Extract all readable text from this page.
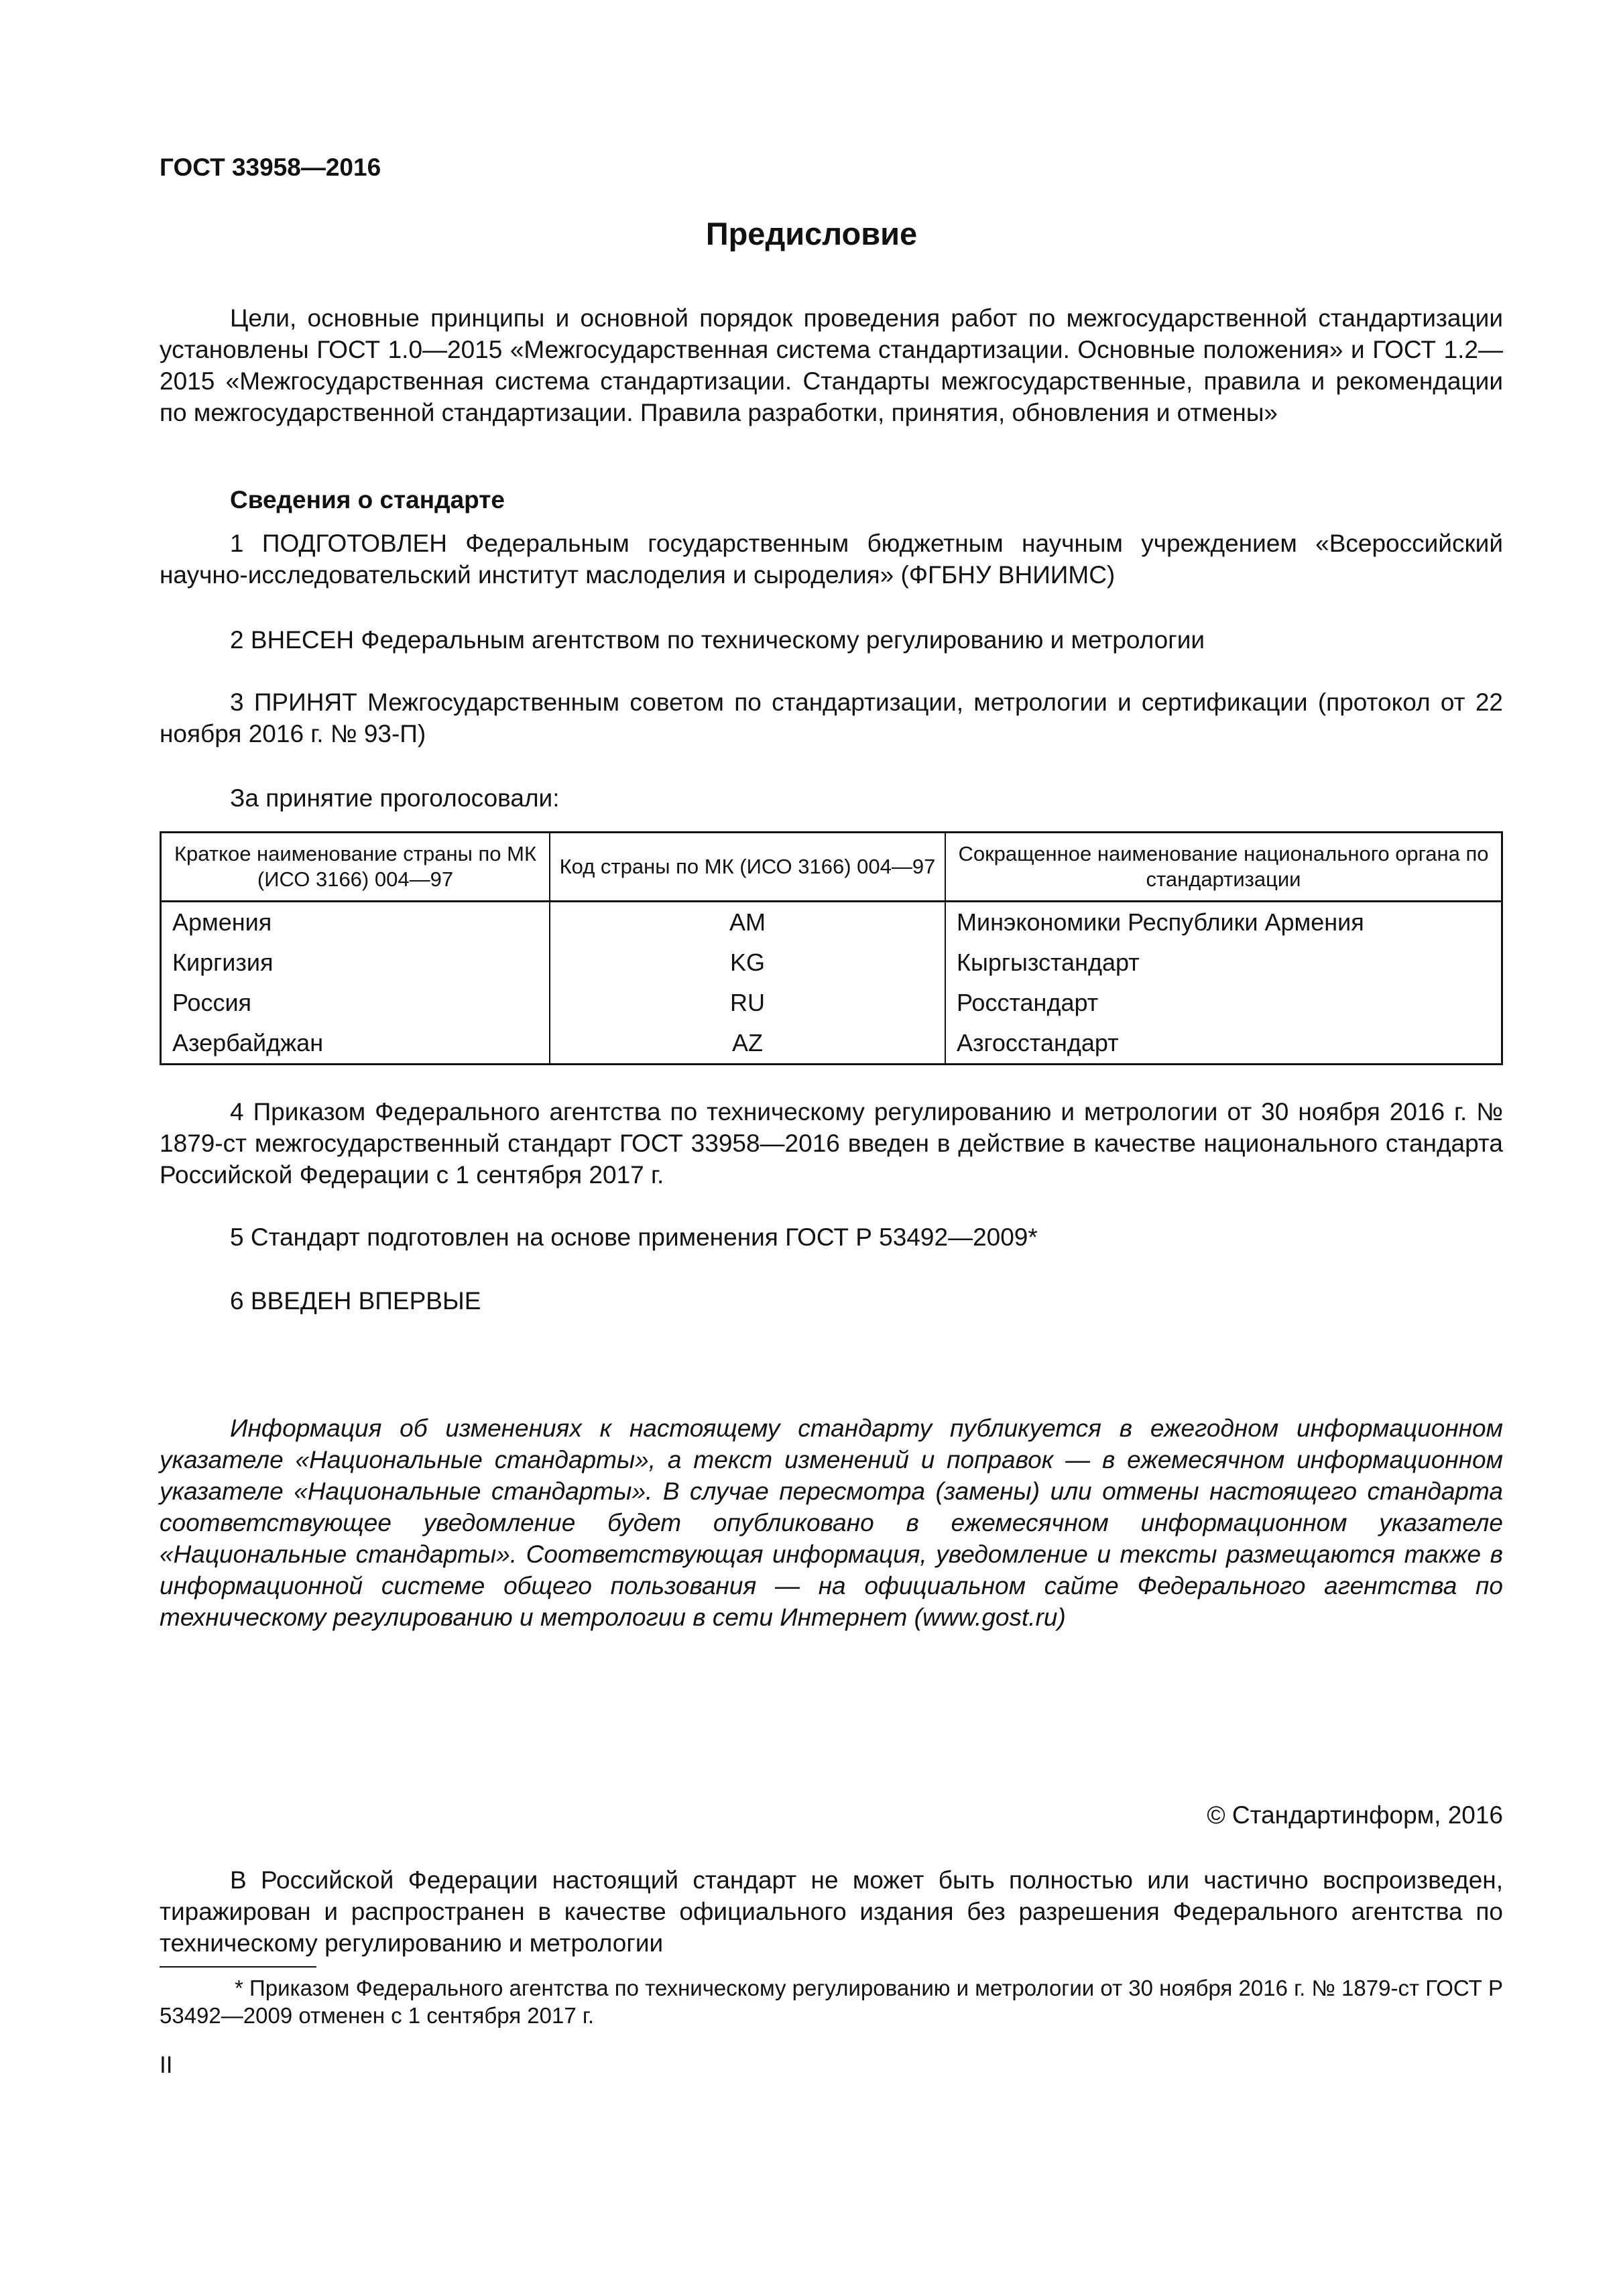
ГОСТ 33958—2016

Предисловие

Цели, основные принципы и основной порядок проведения работ по межгосударственной стандартизации установлены ГОСТ 1.0—2015 «Межгосударственная система стандартизации. Основные положения» и ГОСТ 1.2—2015 «Межгосударственная система стандартизации. Стандарты межгосударственные, правила и рекомендации по межгосударственной стандартизации. Правила разработки, принятия, обновления и отмены»

Сведения о стандарте

1 ПОДГОТОВЛЕН Федеральным государственным бюджетным научным учреждением «Всероссийский научно-исследовательский институт маслоделия и сыроделия» (ФГБНУ ВНИИМС)

2 ВНЕСЕН Федеральным агентством по техническому регулированию и метрологии

3 ПРИНЯТ Межгосударственным советом по стандартизации, метрологии и сертификации (протокол от 22 ноября 2016 г. № 93-П)

За принятие проголосовали:

Краткое наименование страны по МК (ИСО 3166) 004—97	Код страны по МК (ИСО 3166) 004—97	Сокращенное наименование национального органа по стандартизации
Армения	AM	Минэкономики Республики Армения
Киргизия	KG	Кыргызстандарт
Россия	RU	Росстандарт
Азербайджан	AZ	Азгосстандарт

4 Приказом Федерального агентства по техническому регулированию и метрологии от 30 ноября 2016 г. № 1879-ст межгосударственный стандарт ГОСТ 33958—2016 введен в действие в качестве национального стандарта Российской Федерации с 1 сентября 2017 г.

5 Стандарт подготовлен на основе применения ГОСТ Р 53492—2009*

6 ВВЕДЕН ВПЕРВЫЕ

Информация об изменениях к настоящему стандарту публикуется в ежегодном информационном указателе «Национальные стандарты», а текст изменений и поправок — в ежемесячном информационном указателе «Национальные стандарты». В случае пересмотра (замены) или отмены настоящего стандарта соответствующее уведомление будет опубликовано в ежемесячном информационном указателе «Национальные стандарты». Соответствующая информация, уведомление и тексты размещаются также в информационной системе общего пользования — на официальном сайте Федерального агентства по техническому регулированию и метрологии в сети Интернет (www.gost.ru)

© Стандартинформ, 2016

В Российской Федерации настоящий стандарт не может быть полностью или частично воспроизведен, тиражирован и распространен в качестве официального издания без разрешения Федерального агентства по техническому регулированию и метрологии

* Приказом Федерального агентства по техническому регулированию и метрологии от 30 ноября 2016 г. № 1879-ст ГОСТ Р 53492—2009 отменен с 1 сентября 2017 г.

II
